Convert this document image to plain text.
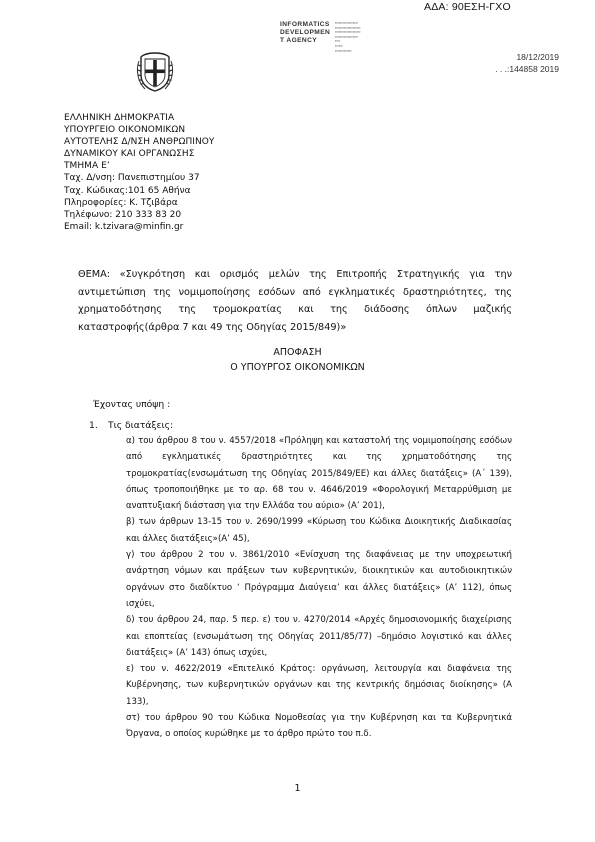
ΑΔΑ: 90ΕΣΗ-ΓΧΟ
INFORMATICS
DEVELOPMEN
T AGENCY
▪▪▪▪▪▪▪▪▪▪▪▪▪▪▪▪▪▪
▪▪▪▪▪▪▪▪▪▪▪▪▪▪▪▪▪▪▪▪
▪▪▪▪▪▪▪▪▪▪▪▪▪▪▪▪▪▪▪▪
▪▪▪▪▪▪▪▪▪▪▪▪▪▪▪▪▪▪
▪▪▪▪
▪▪▪▪▪▪
▪▪▪▪▪▪▪▪▪▪▪▪▪
18/12/2019
. . .:144858 2019
ΕΛΛΗΝΙΚΗ ΔΗΜΟΚΡΑΤΙΑ
ΥΠΟΥΡΓΕΙΟ ΟΙΚΟΝΟΜΙΚΩΝ
ΑΥΤΟΤΕΛΗΣ Δ/ΝΣΗ ΑΝΘΡΩΠΙΝΟΥ
ΔΥΝΑΜΙΚΟΥ ΚΑΙ ΟΡΓΑΝΩΣΗΣ
ΤΜΗΜΑ Ε’
Ταχ. Δ/νση: Πανεπιστημίου 37
Ταχ. Κώδικας:101 65 Αθήνα
Πληροφορίες: Κ. Τζιβάρα
Τηλέφωνο: 210 333 83 20
Email: k.tzivara@minfin.gr
ΘΕΜΑ: «Συγκρότηση και ορισμός μελών της Επιτροπής Στρατηγικής για την αντιμετώπιση της νομιμοποίησης εσόδων από εγκληματικές δραστηριότητες, της χρηματοδότησης της τρομοκρατίας και της διάδοσης όπλων μαζικής καταστροφής(άρθρα 7 και 49 της Οδηγίας 2015/849)»
ΑΠΟΦΑΣΗ
Ο ΥΠΟΥΡΓΟΣ ΟΙΚΟΝΟΜΙΚΩΝ
Έχοντας υπόψη :
1. Τις διατάξεις:

α) του άρθρου 8 του ν. 4557/2018 «Πρόληψη και καταστολή της νομιμοποίησης εσόδων από εγκληματικές δραστηριότητες και της χρηματοδότησης της τρομοκρατίας(ενσωμάτωση της Οδηγίας 2015/849/ΕΕ) και άλλες διατάξεις» (Α΄ 139), όπως τροποποιήθηκε με το αρ. 68 του ν. 4646/2019 «Φορολογική Μεταρρύθμιση με αναπτυξιακή διάσταση για την Ελλάδα του αύριο» (Α’ 201),

β) των άρθρων 13-15 του ν. 2690/1999 «Κύρωση του Κώδικα Διοικητικής Διαδικασίας και άλλες διατάξεις»(Α’ 45),

γ) του άρθρου 2 του ν. 3861/2010 «Ενίσχυση της διαφάνειας με την υποχρεωτική ανάρτηση νόμων και πράξεων των κυβερνητικών, διοικητικών και αυτοδιοικητικών οργάνων στο διαδίκτυο ‘ Πρόγραμμα Διαύγεια’ και άλλες διατάξεις» (Α’ 112), όπως ισχύει,

δ) του άρθρου 24, παρ. 5 περ. ε) του ν. 4270/2014 «Αρχές δημοσιονομικής διαχείρισης και εποπτείας (ενσωμάτωση της Οδηγίας 2011/85/77) –δημόσιο λογιστικό και άλλες διατάξεις» (Α’ 143) όπως ισχύει,

ε) του ν. 4622/2019 «Επιτελικό Κράτος: οργάνωση, λειτουργία και διαφάνεια της Κυβέρνησης, των κυβερνητικών οργάνων και της κεντρικής δημόσιας διοίκησης» (Α 133),

στ) του άρθρου 90 του Κώδικα Νομοθεσίας για την Κυβέρνηση και τα Κυβερνητικά Όργανα, ο οποίος κυρώθηκε με το άρθρο πρώτο του π.δ.

1
